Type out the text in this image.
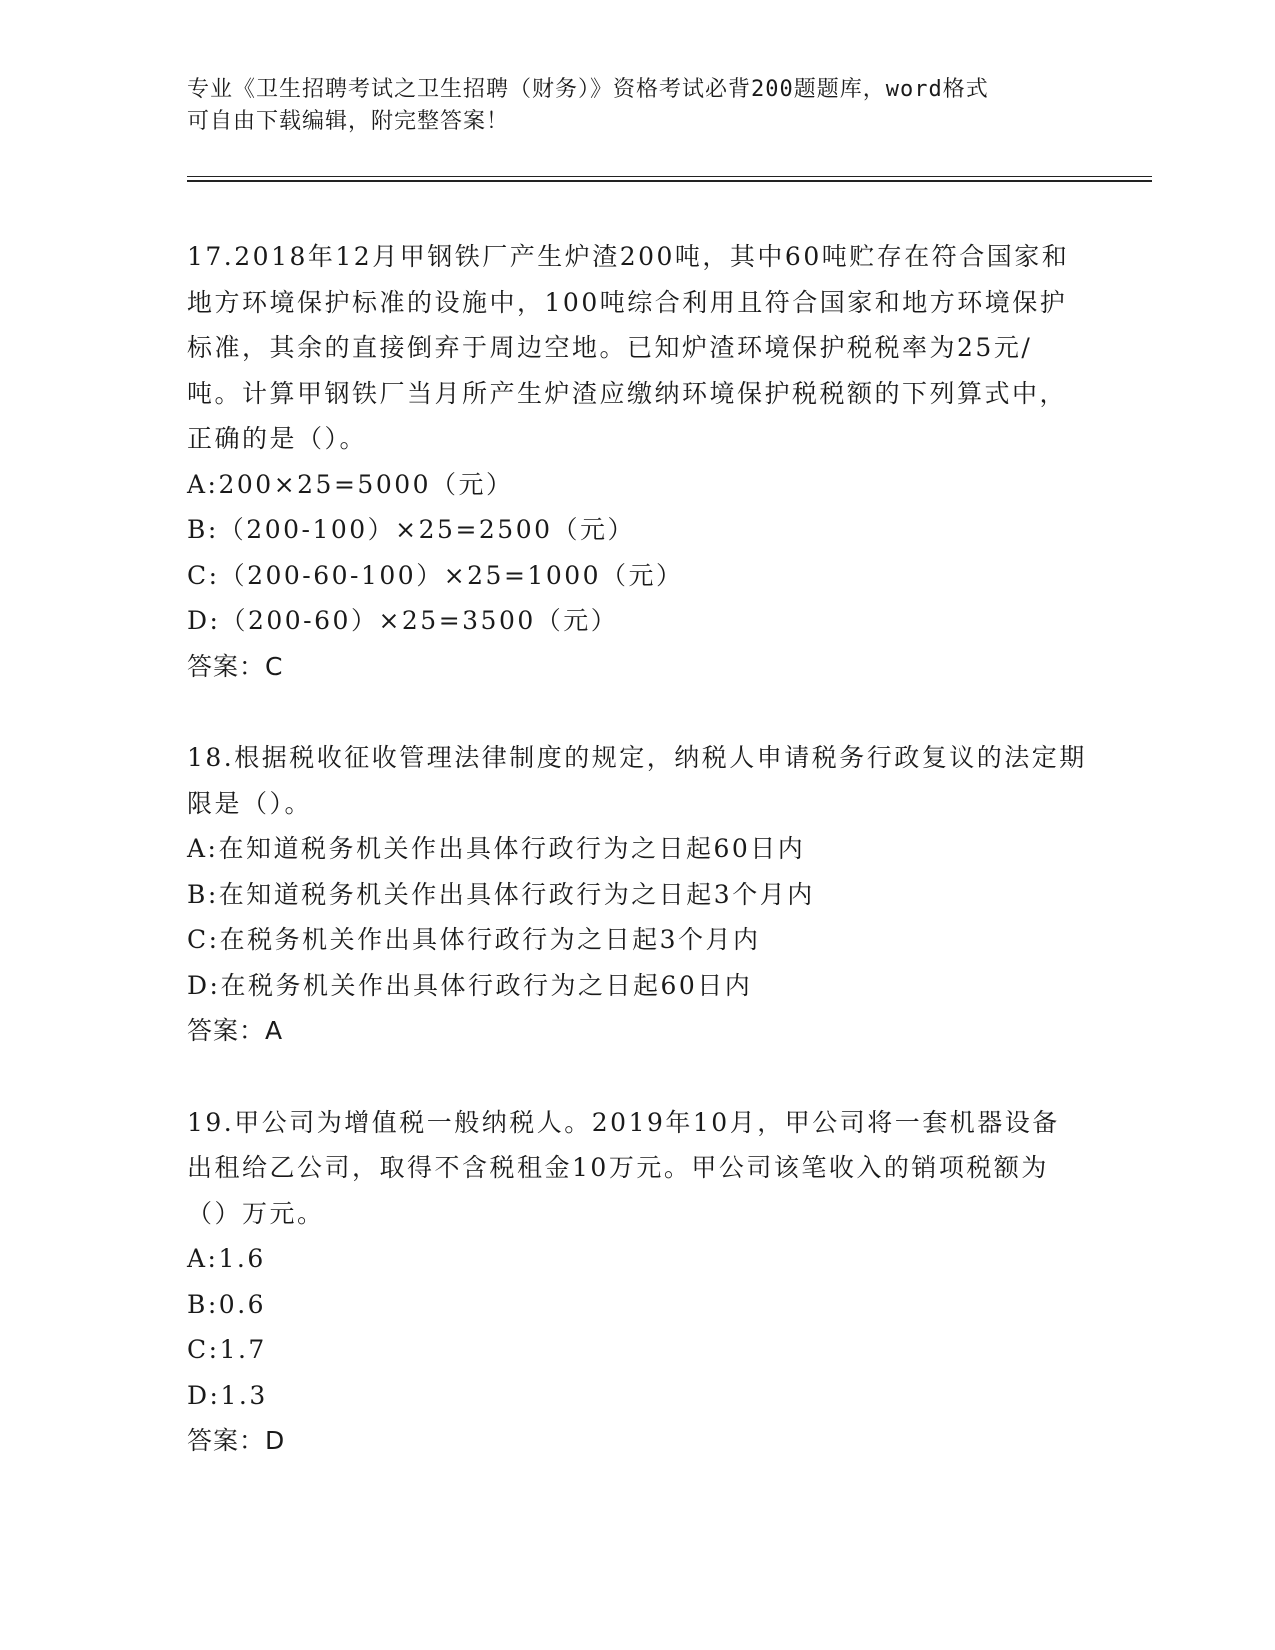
专业《卫生招聘考试之卫生招聘（财务）》资格考试必背200题题库，word格式
可自由下载编辑，附完整答案！
17.2018年12月甲钢铁厂产生炉渣200吨，其中60吨贮存在符合国家和地方环境保护标准的设施中，100吨综合利用且符合国家和地方环境保护标准，其余的直接倒弃于周边空地。已知炉渣环境保护税税率为25元/吨。计算甲钢铁厂当月所产生炉渣应缴纳环境保护税税额的下列算式中，正确的是（）。
A: 200×25=5000（元）
B: （200-100）×25=2500（元）
C: （200-60-100）×25=1000（元）
D: （200-60）×25=3500（元）
答案：C
18.根据税收征收管理法律制度的规定，纳税人申请税务行政复议的法定期限是（）。
A: 在知道税务机关作出具体行政行为之日起60日内
B: 在知道税务机关作出具体行政行为之日起3个月内
C: 在税务机关作出具体行政行为之日起3个月内
D: 在税务机关作出具体行政行为之日起60日内
答案：A
19.甲公司为增值税一般纳税人。2019年10月，甲公司将一套机器设备出租给乙公司，取得不含税租金10万元。甲公司该笔收入的销项税额为（）万元。
A: 1.6
B: 0.6
C: 1.7
D: 1.3
答案：D
